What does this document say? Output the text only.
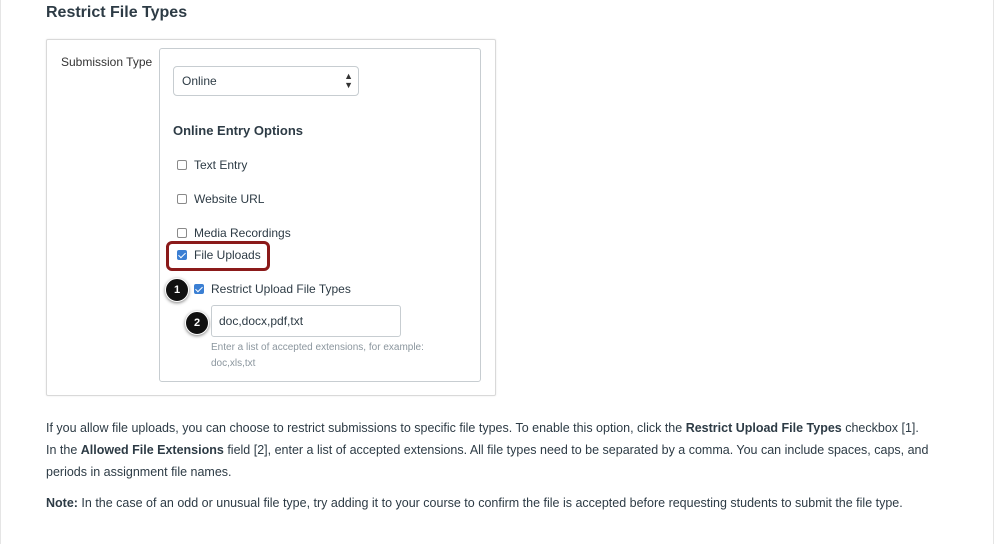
Restrict File Types
Submission Type
Online	▲
▼
Online Entry Options
Text Entry
Website URL
Media Recordings
File Uploads
1	Restrict Upload File Types
2	doc,docx,pdf,txt
Enter a list of accepted extensions, for example: doc,xls,txt

If you allow file uploads, you can choose to restrict submissions to specific file types. To enable this option, click the Restrict Upload File Types checkbox [1].
In the Allowed File Extensions field [2], enter a list of accepted extensions. All file types need to be separated by a comma. You can include spaces, caps, and periods in assignment file names.

Note: In the case of an odd or unusual file type, try adding it to your course to confirm the file is accepted before requesting students to submit the file type.
